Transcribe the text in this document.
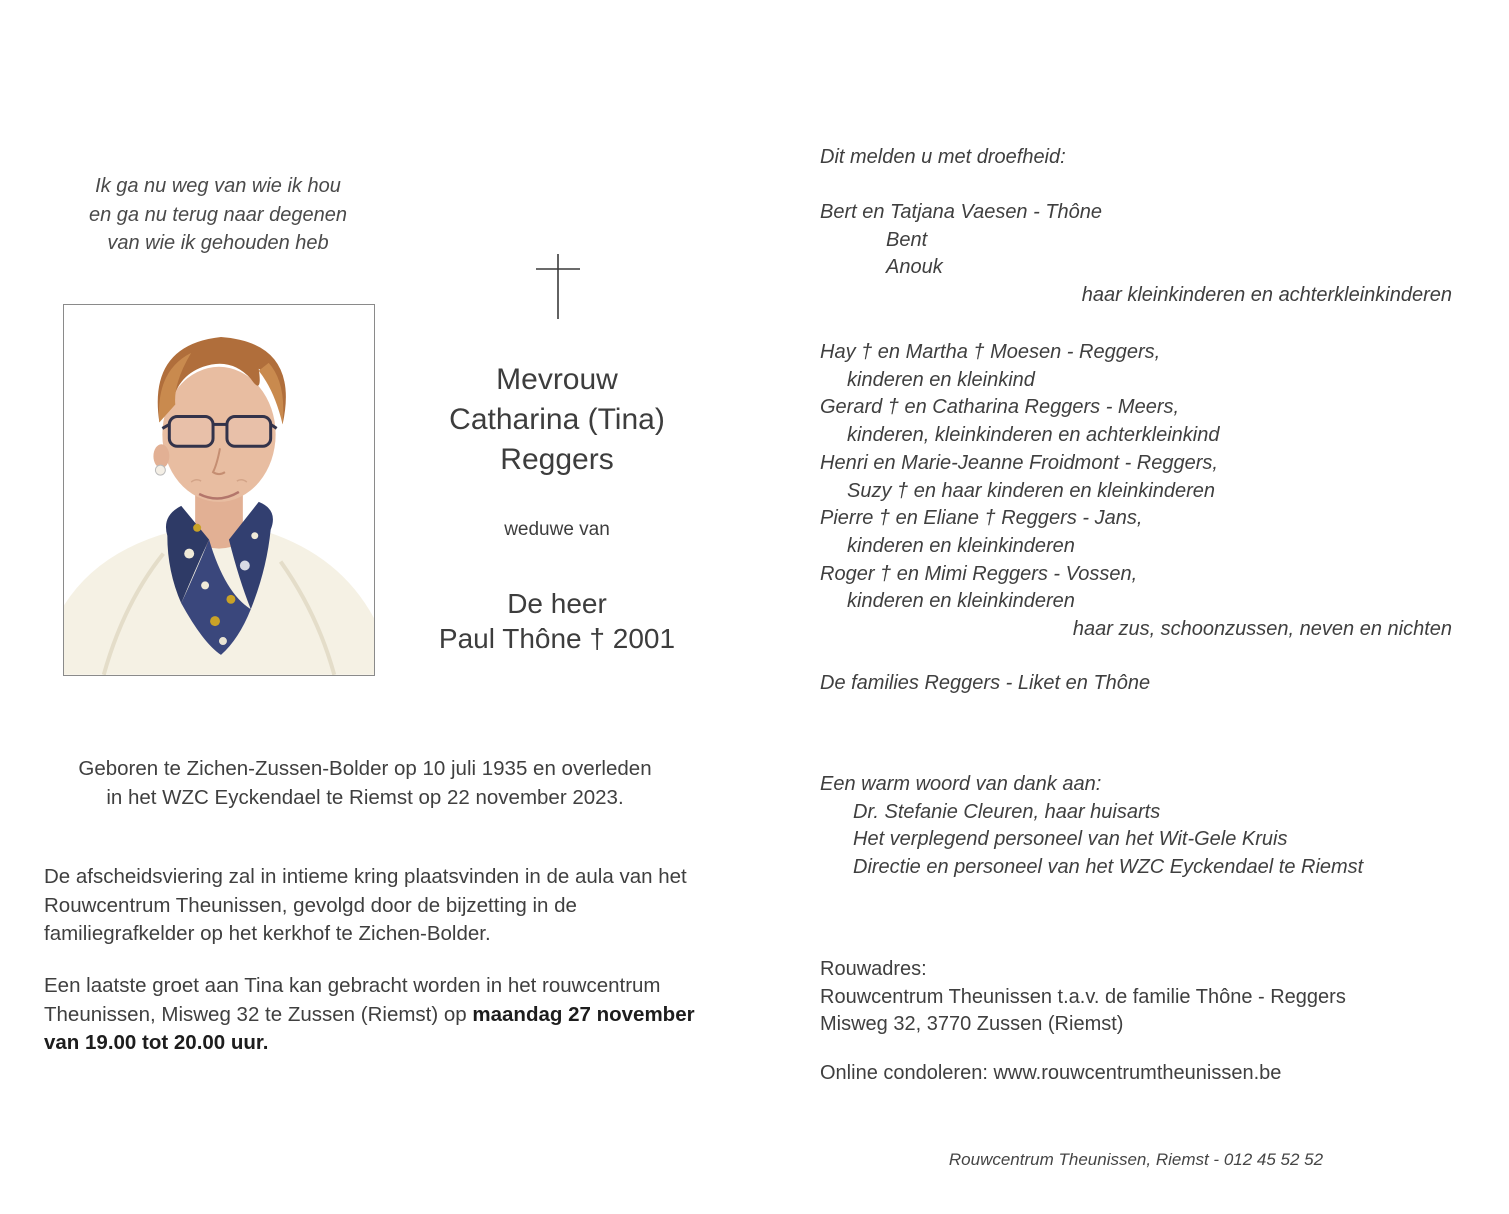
Ik ga nu weg van wie ik hou
en ga nu terug naar degenen
van wie ik gehouden heb
Mevrouw
Catharina (Tina)
Reggers
weduwe van
De heer
Paul Thône † 2001
Geboren te Zichen-Zussen-Bolder op 10 juli 1935 en overleden
in het WZC Eyckendael te Riemst op 22 november 2023.
De afscheidsviering zal in intieme kring plaatsvinden in de aula van het
Rouwcentrum Theunissen, gevolgd door de bijzetting in de
familiegrafkelder op het kerkhof te Zichen-Bolder.
Een laatste groet aan Tina kan gebracht worden in het rouwcentrum
Theunissen, Misweg 32 te Zussen (Riemst) op maandag 27 november
van 19.00 tot 20.00 uur.
Dit melden u met droefheid:
Bert en Tatjana Vaesen - Thône
Bent
Anouk
haar kleinkinderen en achterkleinkinderen
Hay † en Martha † Moesen - Reggers,
kinderen en kleinkind
Gerard † en Catharina Reggers - Meers,
kinderen, kleinkinderen en achterkleinkind
Henri en Marie-Jeanne Froidmont - Reggers,
Suzy † en haar kinderen en kleinkinderen
Pierre † en Eliane † Reggers - Jans,
kinderen en kleinkinderen
Roger † en Mimi Reggers - Vossen,
kinderen en kleinkinderen
haar zus, schoonzussen, neven en nichten
De families Reggers - Liket en Thône
Een warm woord van dank aan:
Dr. Stefanie Cleuren, haar huisarts
Het verplegend personeel van het Wit-Gele Kruis
Directie en personeel van het WZC Eyckendael te Riemst
Rouwadres:
Rouwcentrum Theunissen t.a.v. de familie Thône - Reggers
Misweg 32, 3770 Zussen (Riemst)
Online condoleren: www.rouwcentrumtheunissen.be
Rouwcentrum Theunissen, Riemst - 012 45 52 52
